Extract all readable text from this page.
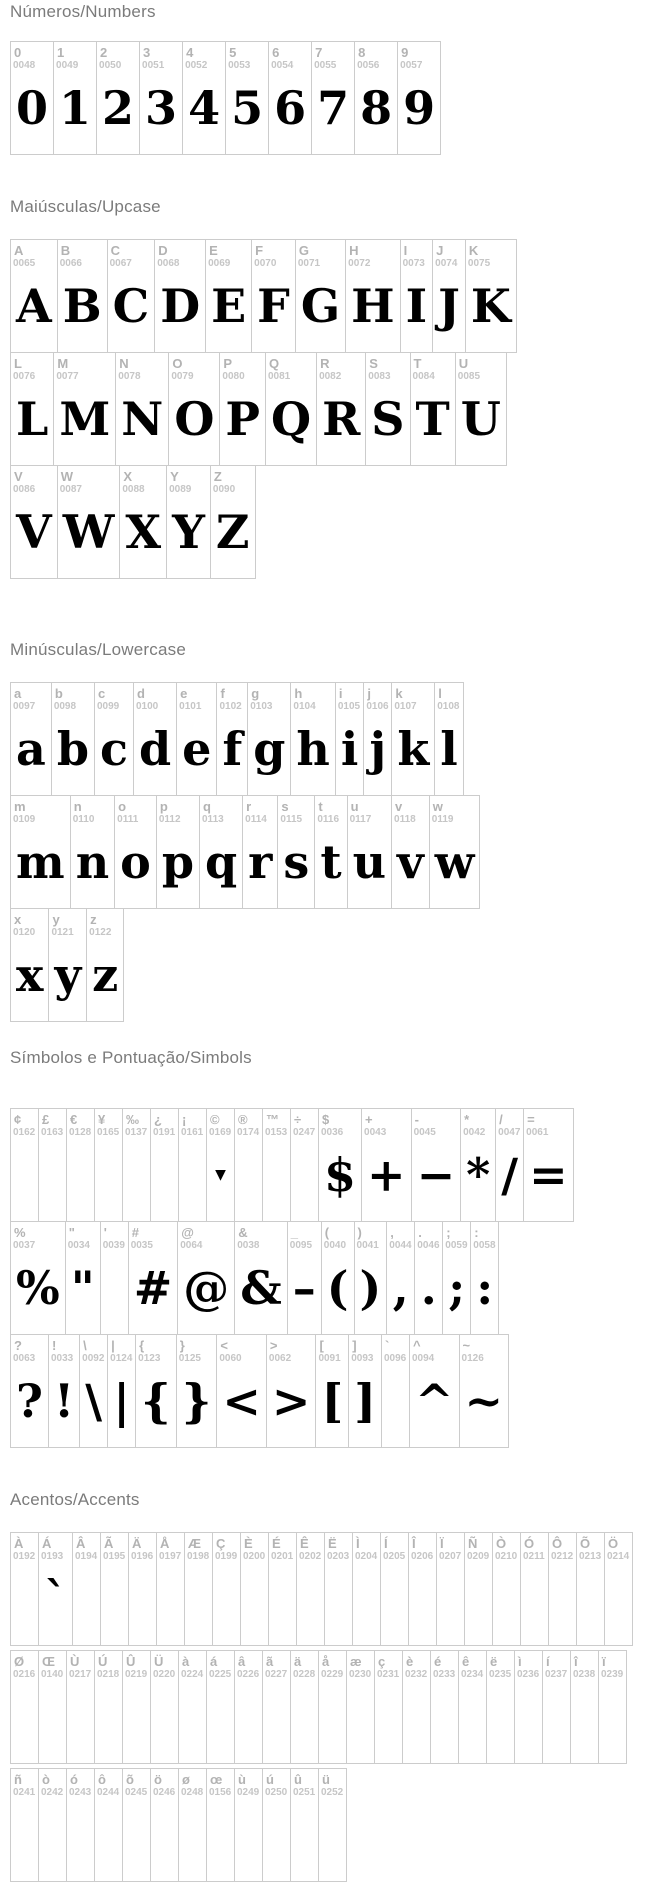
Números/Numbers
0
0048
0
1
0049
1
2
0050
2
3
0051
3
4
0052
4
5
0053
5
6
0054
6
7
0055
7
8
0056
8
9
0057
9
Maiúsculas/Upcase
A
0065
A
B
0066
B
C
0067
C
D
0068
D
E
0069
E
F
0070
F
G
0071
G
H
0072
H
I
0073
I
J
0074
J
K
0075
K
L
0076
L
M
0077
M
N
0078
N
O
0079
O
P
0080
P
Q
0081
Q
R
0082
R
S
0083
S
T
0084
T
U
0085
U
V
0086
V
W
0087
W
X
0088
X
Y
0089
Y
Z
0090
Z
Minúsculas/Lowercase
a
0097
a
b
0098
b
c
0099
c
d
0100
d
e
0101
e
f
0102
f
g
0103
g
h
0104
h
i
0105
i
j
0106
j
k
0107
k
l
0108
l
m
0109
m
n
0110
n
o
0111
o
p
0112
p
q
0113
q
r
0114
r
s
0115
s
t
0116
t
u
0117
u
v
0118
v
w
0119
w
x
0120
x
y
0121
y
z
0122
z
Símbolos e Pontuação/Simbols
¢
0162
£
0163
€
0128
¥
0165
‰
0137
¿
0191
¡
0161
©
0169
▼
®
0174
™
0153
÷
0247
$
0036
$
+
0043
+
-
0045
−
*
0042
*
/
0047
/
=
0061
=
%
0037
%
"
0034
"
'
0039
#
0035
#
@
0064
@
&
0038
&
_
0095
–
(
0040
(
)
0041
)
,
0044
,
.
0046
.
;
0059
;
:
0058
:
?
0063
?
!
0033
!
\
0092
\
|
0124
|
{
0123
{
}
0125
}
<
0060
<
>
0062
>
[
0091
[
]
0093
]
`
0096
^
0094
^
~
0126
~
Acentos/Accents
À
0192
Á
0193
`
Â
0194
Ã
0195
Ä
0196
Å
0197
Æ
0198
Ç
0199
È
0200
É
0201
Ê
0202
Ë
0203
Ì
0204
Í
0205
Î
0206
Ï
0207
Ñ
0209
Ò
0210
Ó
0211
Ô
0212
Õ
0213
Ö
0214
Ø
0216
Œ
0140
Ù
0217
Ú
0218
Û
0219
Ü
0220
à
0224
á
0225
â
0226
ã
0227
ä
0228
å
0229
æ
0230
ç
0231
è
0232
é
0233
ê
0234
ë
0235
ì
0236
í
0237
î
0238
ï
0239
ñ
0241
ò
0242
ó
0243
ô
0244
õ
0245
ö
0246
ø
0248
œ
0156
ù
0249
ú
0250
û
0251
ü
0252
